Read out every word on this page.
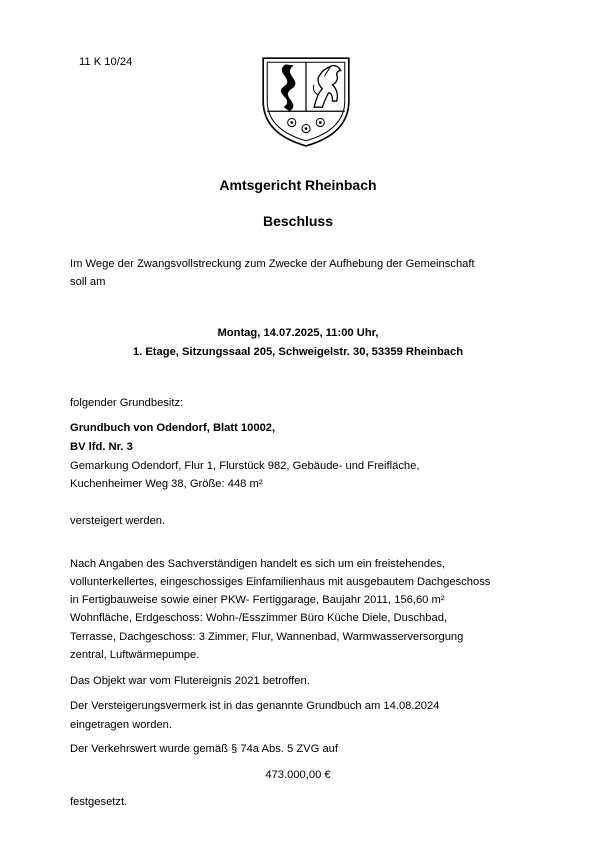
11 K 10/24
Amtsgericht Rheinbach
Beschluss
Im Wege der Zwangsvollstreckung zum Zwecke der Aufhebung der Gemeinschaft
soll am
Montag, 14.07.2025, 11:00 Uhr,
1. Etage, Sitzungssaal 205, Schweigelstr. 30, 53359 Rheinbach
folgender Grundbesitz:
Grundbuch von Odendorf, Blatt 10002,
BV lfd. Nr. 3
Gemarkung Odendorf, Flur 1, Flurstück 982, Gebäude- und Freifläche,
Kuchenheimer Weg 38, Größe: 448 m²
versteigert werden.
Nach Angaben des Sachverständigen handelt es sich um ein freistehendes,
vollunterkellertes, eingeschossiges Einfamilienhaus mit ausgebautem Dachgeschoss
in Fertigbauweise sowie einer PKW- Fertiggarage, Baujahr 2011, 156,60 m²
Wohnfläche, Erdgeschoss: Wohn-/Esszimmer Büro Küche Diele, Duschbad,
Terrasse, Dachgeschoss: 3 Zimmer, Flur, Wannenbad, Warmwasserversorgung
zentral, Luftwärmepumpe.
Das Objekt war vom Flutereignis 2021 betroffen.
Der Versteigerungsvermerk ist in das genannte Grundbuch am 14.08.2024
eingetragen worden.
Der Verkehrswert wurde gemäß § 74a Abs. 5 ZVG auf
473.000,00 €
festgesetzt.
